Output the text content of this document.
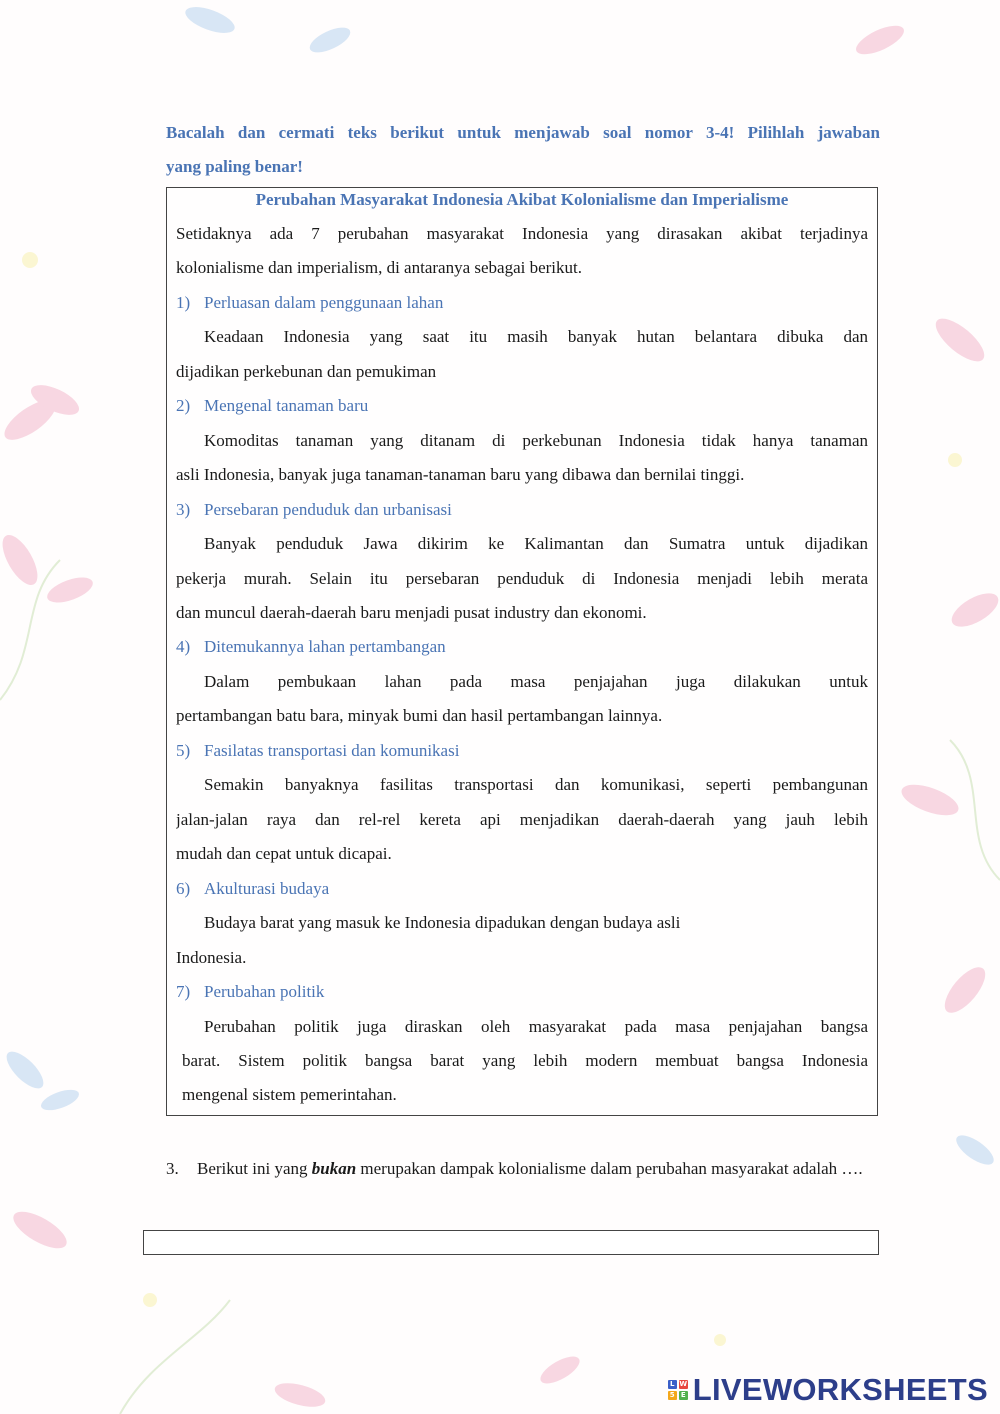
Bacalah dan cermati teks berikut untuk menjawab soal nomor 3-4! Pilihlah jawaban
yang paling benar!
Perubahan Masyarakat Indonesia Akibat Kolonialisme dan Imperialisme
Setidaknya ada 7 perubahan masyarakat Indonesia yang dirasakan akibat terjadinya
kolonialisme dan imperialism, di antaranya sebagai berikut.
1) Perluasan dalam penggunaan lahan
Keadaan Indonesia yang saat itu masih banyak hutan belantara dibuka dan
dijadikan perkebunan dan pemukiman
2) Mengenal tanaman baru
Komoditas tanaman yang ditanam di perkebunan Indonesia tidak hanya tanaman
asli Indonesia, banyak juga tanaman-tanaman baru yang dibawa dan bernilai tinggi.
3) Persebaran penduduk dan urbanisasi
Banyak penduduk Jawa dikirim ke Kalimantan dan Sumatra untuk dijadikan
pekerja murah. Selain itu persebaran penduduk di Indonesia menjadi lebih merata
dan muncul daerah-daerah baru menjadi pusat industry dan ekonomi.
4) Ditemukannya lahan pertambangan
Dalam pembukaan lahan pada masa penjajahan juga dilakukan untuk
pertambangan batu bara, minyak bumi dan hasil pertambangan lainnya.
5) Fasilatas transportasi dan komunikasi
Semakin banyaknya fasilitas transportasi dan komunikasi, seperti pembangunan
jalan-jalan raya dan rel-rel kereta api menjadikan daerah-daerah yang jauh lebih
mudah dan cepat untuk dicapai.
6) Akulturasi budaya
Budaya barat yang masuk ke Indonesia dipadukan dengan budaya asli
Indonesia.
7) Perubahan politik
Perubahan politik juga diraskan oleh masyarakat pada masa penjajahan bangsa
barat. Sistem politik bangsa barat yang lebih modern membuat bangsa Indonesia
mengenal sistem pemerintahan.
3. Berikut ini yang bukan merupakan dampak kolonialisme dalam perubahan masyarakat adalah ….
L W
5 E LIVEWORKSHEETS
